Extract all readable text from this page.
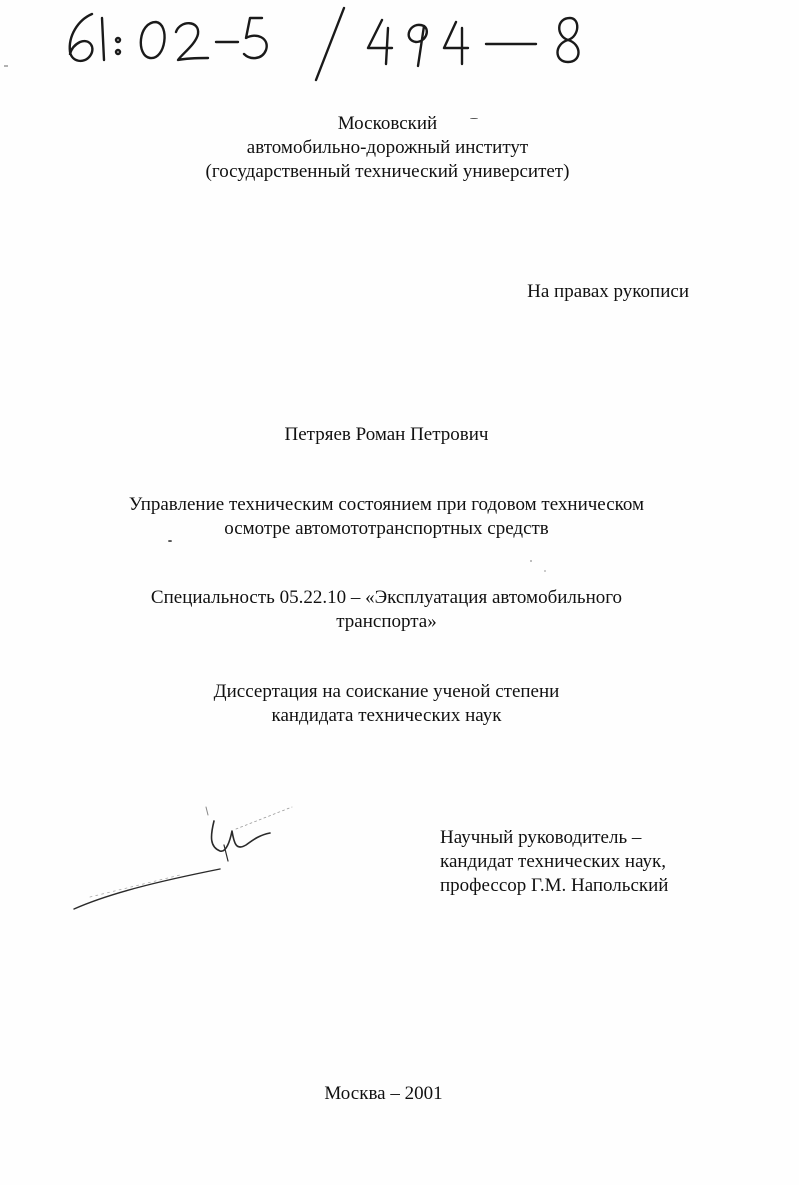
Московский
автомобильно-дорожный институт
(государственный технический университет)
На правах рукописи
Петряев Роман Петрович
Управление техническим состоянием при годовом техническом
осмотре автомототранспортных средств
Специальность 05.22.10 – «Эксплуатация автомобильного
транспорта»
Диссертация на соискание ученой степени
кандидата технических наук
Научный руководитель –
кандидат технических наук,
профессор Г.М. Напольский
Москва – 2001
